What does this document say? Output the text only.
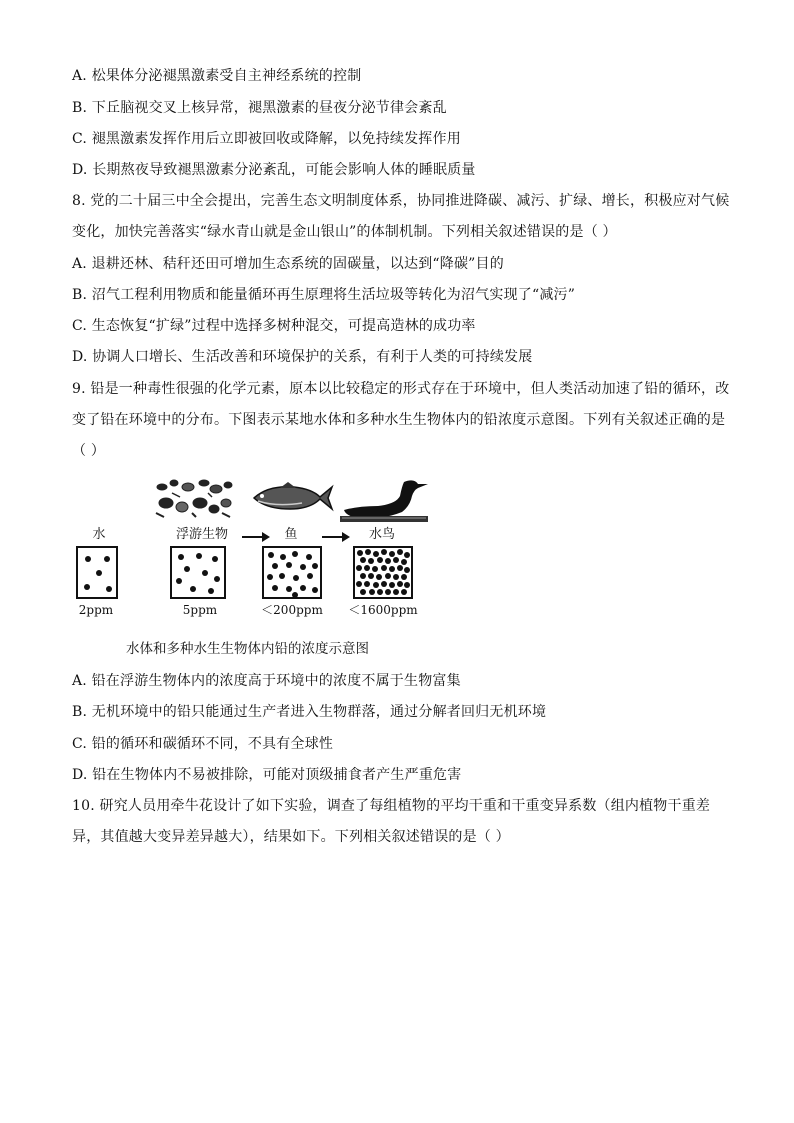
A. 松果体分泌褪黑激素受自主神经系统的控制
B. 下丘脑视交叉上核异常，褪黑激素的昼夜分泌节律会紊乱
C. 褪黑激素发挥作用后立即被回收或降解，以免持续发挥作用
D. 长期熬夜导致褪黑激素分泌紊乱，可能会影响人体的睡眠质量
8. 党的二十届三中全会提出，完善生态文明制度体系，协同推进降碳、减污、扩绿、增长，积极应对气候
变化，加快完善落实“绿水青山就是金山银山”的体制机制。下列相关叙述错误的是（ ）
A. 退耕还林、秸秆还田可增加生态系统的固碳量，以达到“降碳”目的
B. 沼气工程利用物质和能量循环再生原理将生活垃圾等转化为沼气实现了“减污”
C. 生态恢复“扩绿”过程中选择多树种混交，可提高造林的成功率
D. 协调人口增长、生活改善和环境保护的关系，有利于人类的可持续发展
9. 铅是一种毒性很强的化学元素，原本以比较稳定的形式存在于环境中，但人类活动加速了铅的循环，改
变了铅在环境中的分布。下图表示某地水体和多种水生生物体内的铅浓度示意图。下列有关叙述正确的是
（ ）
水	浮游生物	鱼	水鸟
2ppm	5ppm	＜200ppm	＜1600ppm
水体和多种水生生物体内铅的浓度示意图
A. 铅在浮游生物体内的浓度高于环境中的浓度不属于生物富集
B. 无机环境中的铅只能通过生产者进入生物群落，通过分解者回归无机环境
C. 铅的循环和碳循环不同，不具有全球性
D. 铅在生物体内不易被排除，可能对顶级捕食者产生严重危害
10. 研究人员用牵牛花设计了如下实验，调查了每组植物的平均干重和干重变异系数（组内植物干重差
异，其值越大变异差异越大），结果如下。下列相关叙述错误的是（ ）
